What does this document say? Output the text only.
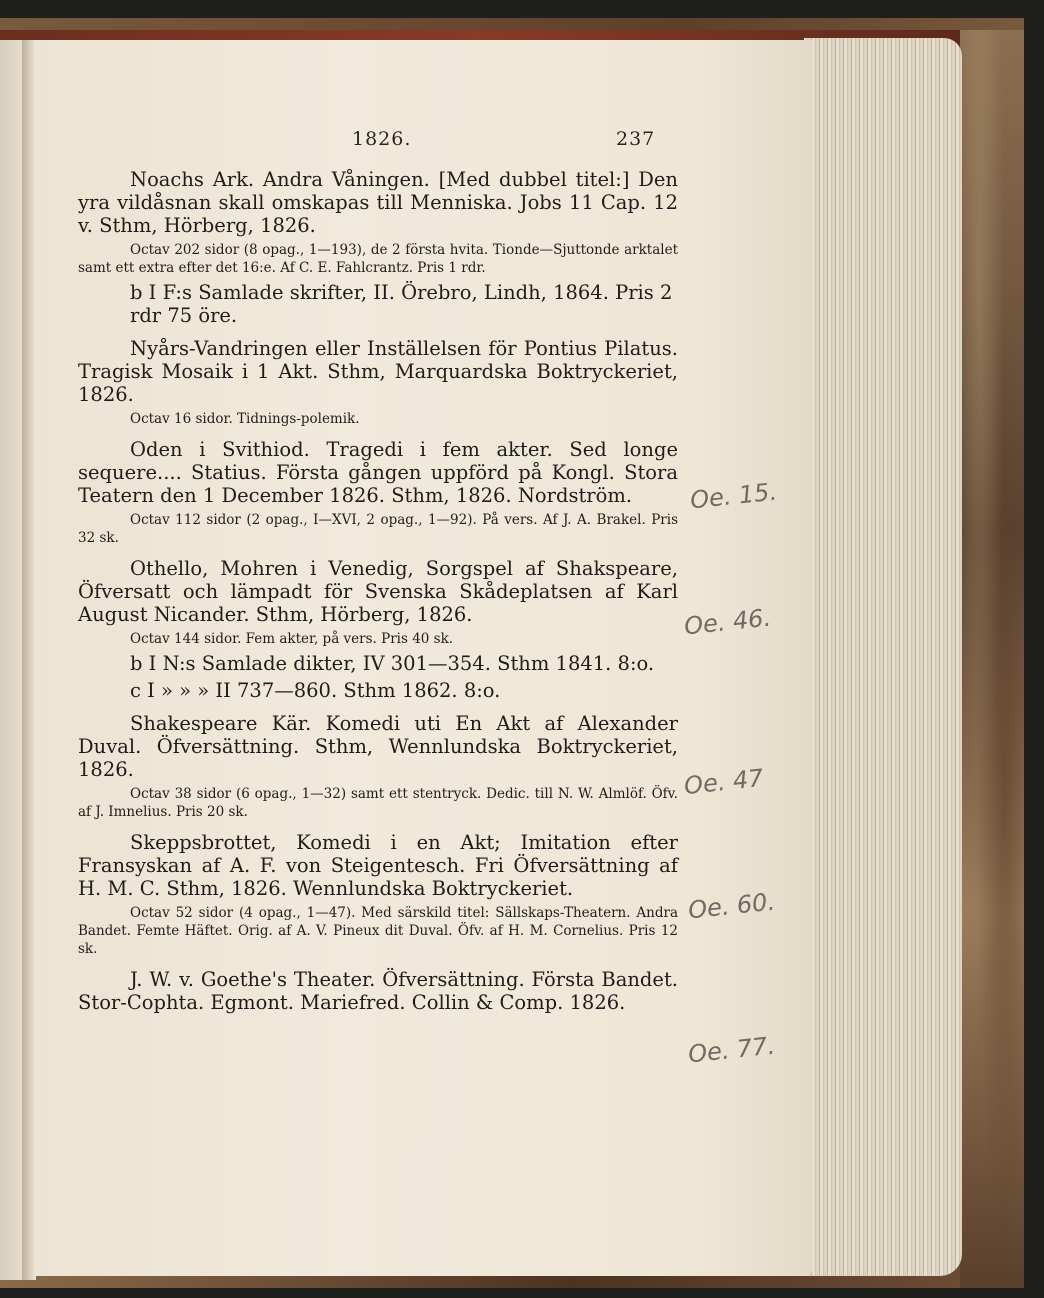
1826.	237

Noachs Ark. Andra Våningen. [Med dubbel titel:] Den yra vildåsnan skall omskapas till Menniska. Jobs 11 Cap. 12 v. Sthm, Hörberg, 1826.

Octav 202 sidor (8 opag., 1—193), de 2 första hvita. Tionde—Sjuttonde arktalet samt ett extra efter det 16:e. Af C. E. Fahlcrantz. Pris 1 rdr.

b I F:s Samlade skrifter, II. Örebro, Lindh, 1864. Pris 2 rdr 75 öre.

Nyårs-Vandringen eller Inställelsen för Pontius Pilatus. Tragisk Mosaik i 1 Akt. Sthm, Marquardska Boktryckeriet, 1826.

Octav 16 sidor. Tidnings-polemik.

Oden i Svithiod. Tragedi i fem akter. Sed longe sequere.... Statius. Första gången uppförd på Kongl. Stora Teatern den 1 December 1826. Sthm, 1826. Nordström.

Octav 112 sidor (2 opag., I—XVI, 2 opag., 1—92). På vers. Af J. A. Brakel. Pris 32 sk.

Othello, Mohren i Venedig, Sorgspel af Shakspeare, Öfversatt och lämpadt för Svenska Skådeplatsen af Karl August Nicander. Sthm, Hörberg, 1826.

Octav 144 sidor. Fem akter, på vers. Pris 40 sk.

b I N:s Samlade dikter, IV 301—354. Sthm 1841. 8:o.

c I » » » II 737—860. Sthm 1862. 8:o.

Shakespeare Kär. Komedi uti En Akt af Alexander Duval. Öfversättning. Sthm, Wennlundska Boktryckeriet, 1826.

Octav 38 sidor (6 opag., 1—32) samt ett stentryck. Dedic. till N. W. Almlöf. Öfv. af J. Imnelius. Pris 20 sk.

Skeppsbrottet, Komedi i en Akt; Imitation efter Fransyskan af A. F. von Steigentesch. Fri Öfversättning af H. M. C. Sthm, 1826. Wennlundska Boktryckeriet.

Octav 52 sidor (4 opag., 1—47). Med särskild titel: Sällskaps-Theatern. Andra Bandet. Femte Häftet. Orig. af A. V. Pineux dit Duval. Öfv. af H. M. Cornelius. Pris 12 sk.

J. W. v. Goethe's Theater. Öfversättning. Första Bandet. Stor-Cophta. Egmont. Mariefred. Collin & Comp. 1826.

Oe. 15.
Oe. 46.
Oe. 47
Oe. 60.
Oe. 77.
